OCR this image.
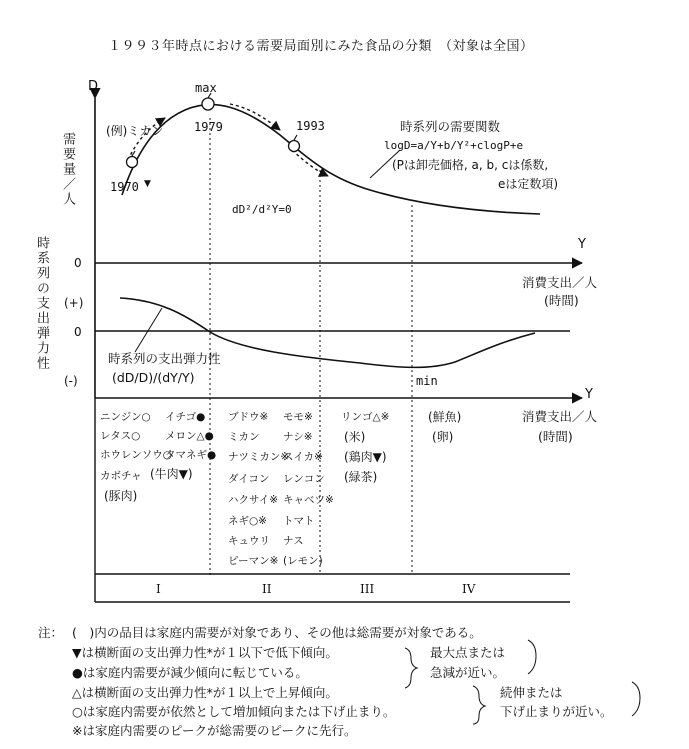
１９９３年時点における需要局面別にみた食品の分類　（対象は全国）
D
需要量／人
(例)ミカン
max
1970 ▼
1979	1993	時系列の需要関数
logD=a/Y+b/Y²+clogP+e
(Pは卸売価格, a, b, cは係数,
eは定数項)
dD²/d²Y=0
0
Y
消費支出／人
(時間)
時系列の支出弾力性 (+)
0
(-)
時系列の支出弾力性
(dD/D)/(dY/Y)	min
Y
ニンジン○ イチゴ●
レタス○ メロン△●
ホウレンソウ○
タマネギ●
カボチャ (牛肉▼)
(豚肉)
ブドウ※ モモ※
ミカン ナシ※
ナツミカン※
スイカ※
ダイコン レンコン
ハクサイ※ キャベツ※
ネギ○※ トマト
キュウリ ナス
ピーマン※ (レモン)
リンゴ△※
(米)
(鶏肉▼)
(緑茶)
(鮮魚)
(卵)
消費支出／人
(時間)
I	II	III	IV
注： (　)内の品目は家庭内需要が対象であり、その他は総需要が対象である。
▼は横断面の支出弾力性*が１以下で低下傾向。
●は家庭内需要が減少傾向に転じている。
△は横断面の支出弾力性*が１以上で上昇傾向。
○は家庭内需要が依然として増加傾向または下げ止まり。
※は家庭内需要のピークが総需要のピークに先行。
最大点または
急減が近い。
続伸または
下げ止まりが近い。
